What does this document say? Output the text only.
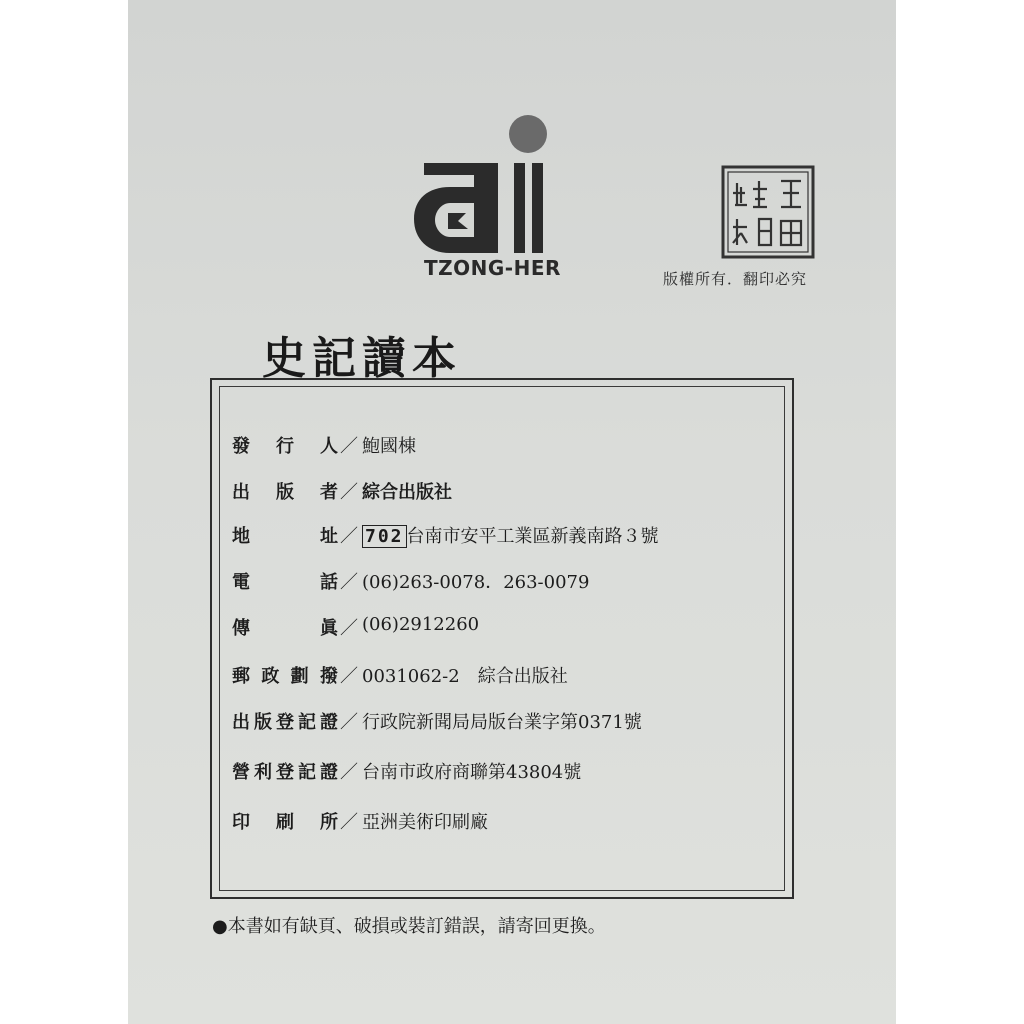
TZONG-HER	版權所有．翻印必究
史記讀本
發 行 人 ／ 鮑國棟
出 版 者 ／ 綜合出版社
地	址 ／ 702 台南市安平工業區新義南路３號
電	話 ／ (06)263-0078．263-0079
傳	眞 ／ (06)2912260
郵 政 劃 撥 ／ 0031062-2　綜合出版社
出 版 登 記 證 ／ 行政院新聞局局版台業字第0371號
營 利 登 記 證 ／ 台南市政府商聯第43804號
印 刷 所 ／ 亞洲美術印刷廠
●本書如有缺頁、破損或裝訂錯誤，請寄回更換。
